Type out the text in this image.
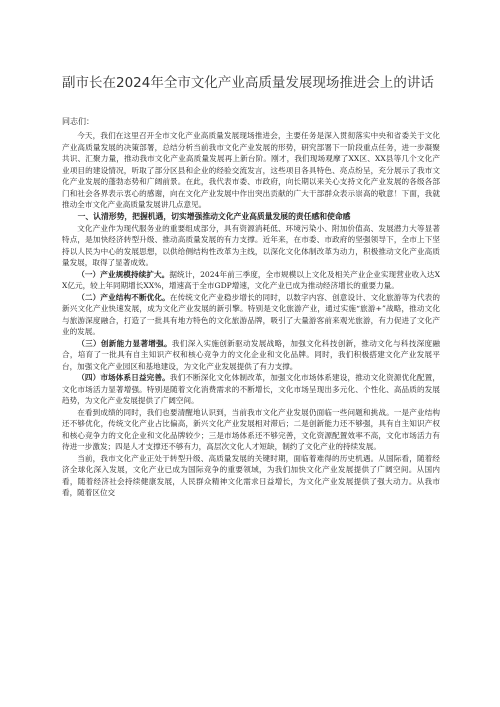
副市长在2024年全市文化产业高质量发展现场推进会上的讲话

同志们：

今天，我们在这里召开全市文化产业高质量发展现场推进会，主要任务是深入贯彻落实中央和省委关于文化产业高质量发展的决策部署，总结分析当前我市文化产业发展的形势，研究部署下一阶段重点任务，进一步凝聚共识、汇聚力量，推动我市文化产业高质量发展再上新台阶。刚才，我们现场观摩了XX区、XX县等几个文化产业项目的建设情况，听取了部分区县和企业的经验交流发言，这些项目各具特色、亮点纷呈，充分展示了我市文化产业发展的蓬勃态势和广阔前景。在此，我代表市委、市政府，向长期以来关心支持文化产业发展的各级各部门和社会各界表示衷心的感谢，向在文化产业发展中作出突出贡献的广大干部群众表示崇高的敬意！下面，我就推动全市文化产业高质量发展讲几点意见。

一、认清形势，把握机遇，切实增强推动文化产业高质量发展的责任感和使命感

文化产业作为现代服务业的重要组成部分，具有资源消耗低、环境污染小、附加价值高、发展潜力大等显著特点，是加快经济转型升级、推动高质量发展的有力支撑。近年来，在市委、市政府的坚强领导下，全市上下坚持以人民为中心的发展思想，以供给侧结构性改革为主线，以深化文化体制改革为动力，积极推动文化产业高质量发展，取得了显著成效。

（一）产业规模持续扩大。据统计，2024年前三季度，全市规模以上文化及相关产业企业实现营业收入达XX亿元，较上年同期增长XX%，增速高于全市GDP增速，文化产业已成为推动经济增长的重要力量。

（二）产业结构不断优化。在传统文化产业稳步增长的同时，以数字内容、创意设计、文化旅游等为代表的新兴文化产业快速发展，成为文化产业发展的新引擎。特别是文化旅游产业，通过实施“旅游+”战略，推动文化与旅游深度融合，打造了一批具有地方特色的文化旅游品牌，吸引了大量游客前来观光旅游，有力促进了文化产业的发展。

（三）创新能力显著增强。我们深入实施创新驱动发展战略，加强文化科技创新，推动文化与科技深度融合，培育了一批具有自主知识产权和核心竞争力的文化企业和文化品牌。同时，我们积极搭建文化产业发展平台，加强文化产业园区和基地建设，为文化产业发展提供了有力支撑。

（四）市场体系日益完善。我们不断深化文化体制改革，加强文化市场体系建设，推动文化资源优化配置，文化市场活力显著增强。特别是随着文化消费需求的不断增长，文化市场呈现出多元化、个性化、高品质的发展趋势，为文化产业发展提供了广阔空间。

在看到成绩的同时，我们也要清醒地认识到，当前我市文化产业发展仍面临一些问题和挑战。一是产业结构还不够优化，传统文化产业占比偏高，新兴文化产业发展相对滞后；二是创新能力还不够强，具有自主知识产权和核心竞争力的文化企业和文化品牌较少；三是市场体系还不够完善，文化资源配置效率不高，文化市场活力有待进一步激发；四是人才支撑还不够有力，高层次文化人才短缺，制约了文化产业的持续发展。

当前，我市文化产业正处于转型升级、高质量发展的关键时期，面临着难得的历史机遇。从国际看，随着经济全球化深入发展，文化产业已成为国际竞争的重要领域，为我们加快文化产业发展提供了广阔空间。从国内看，随着经济社会持续健康发展，人民群众精神文化需求日益增长，为文化产业发展提供了强大动力。从我市看，随着区位交
